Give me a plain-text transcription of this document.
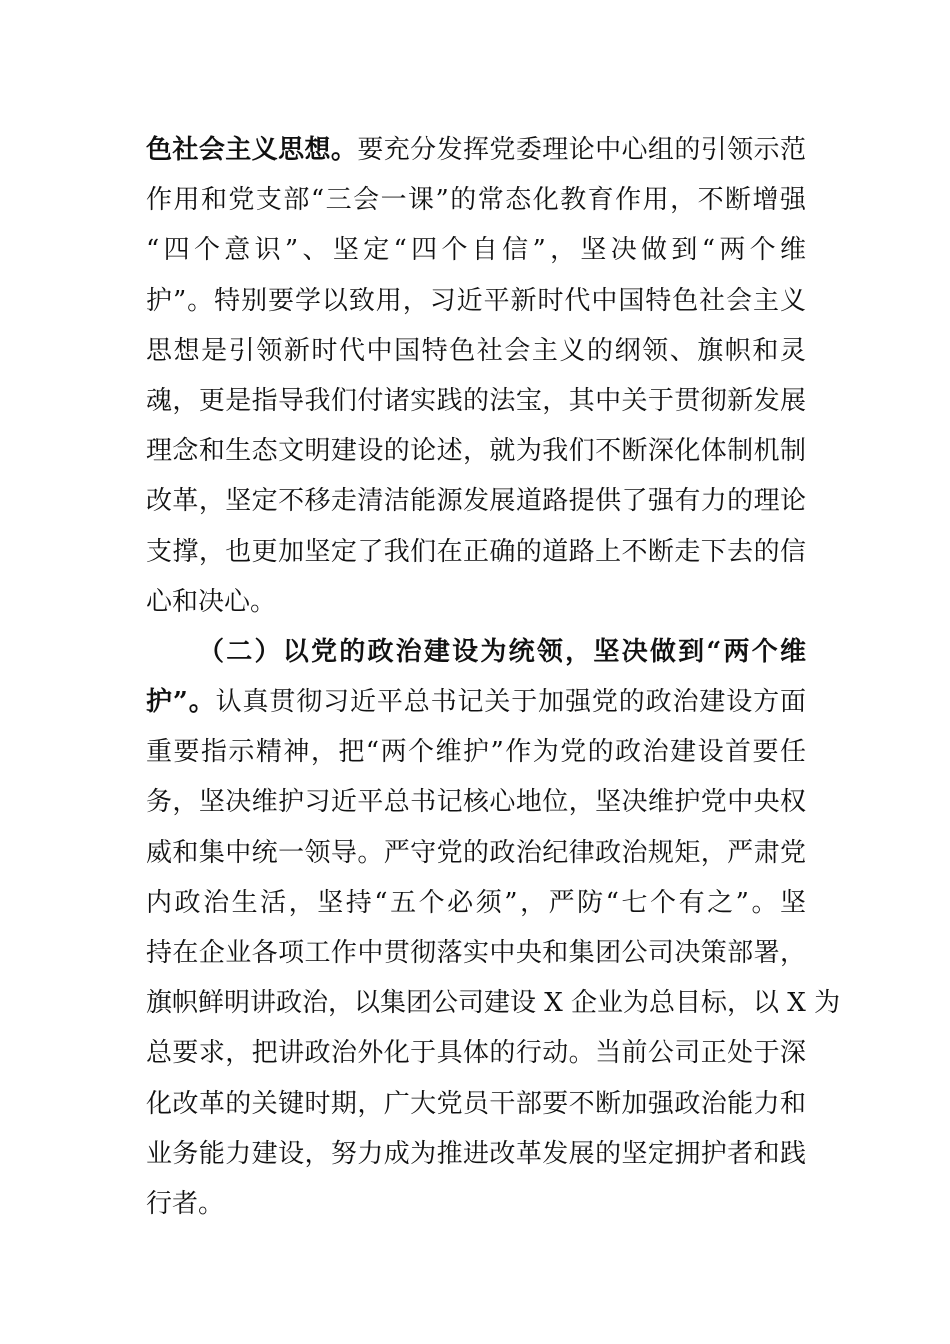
色社会主义思想。要充分发挥党委理论中心组的引领示范
作用和党支部“三会一课”的常态化教育作用，不断增强
“四个意识”、坚定“四个自信”，坚决做到“两个维
护”。特别要学以致用，习近平新时代中国特色社会主义
思想是引领新时代中国特色社会主义的纲领、旗帜和灵
魂，更是指导我们付诸实践的法宝，其中关于贯彻新发展
理念和生态文明建设的论述，就为我们不断深化体制机制
改革，坚定不移走清洁能源发展道路提供了强有力的理论
支撑，也更加坚定了我们在正确的道路上不断走下去的信
心和决心。
（二）以党的政治建设为统领，坚决做到“两个维
护”。认真贯彻习近平总书记关于加强党的政治建设方面
重要指示精神，把“两个维护”作为党的政治建设首要任
务，坚决维护习近平总书记核心地位，坚决维护党中央权
威和集中统一领导。严守党的政治纪律政治规矩，严肃党
内政治生活，坚持“五个必须”，严防“七个有之”。坚
持在企业各项工作中贯彻落实中央和集团公司决策部署，
旗帜鲜明讲政治，以集团公司建设 X 企业为总目标，以 X 为
总要求，把讲政治外化于具体的行动。当前公司正处于深
化改革的关键时期，广大党员干部要不断加强政治能力和
业务能力建设，努力成为推进改革发展的坚定拥护者和践
行者。
